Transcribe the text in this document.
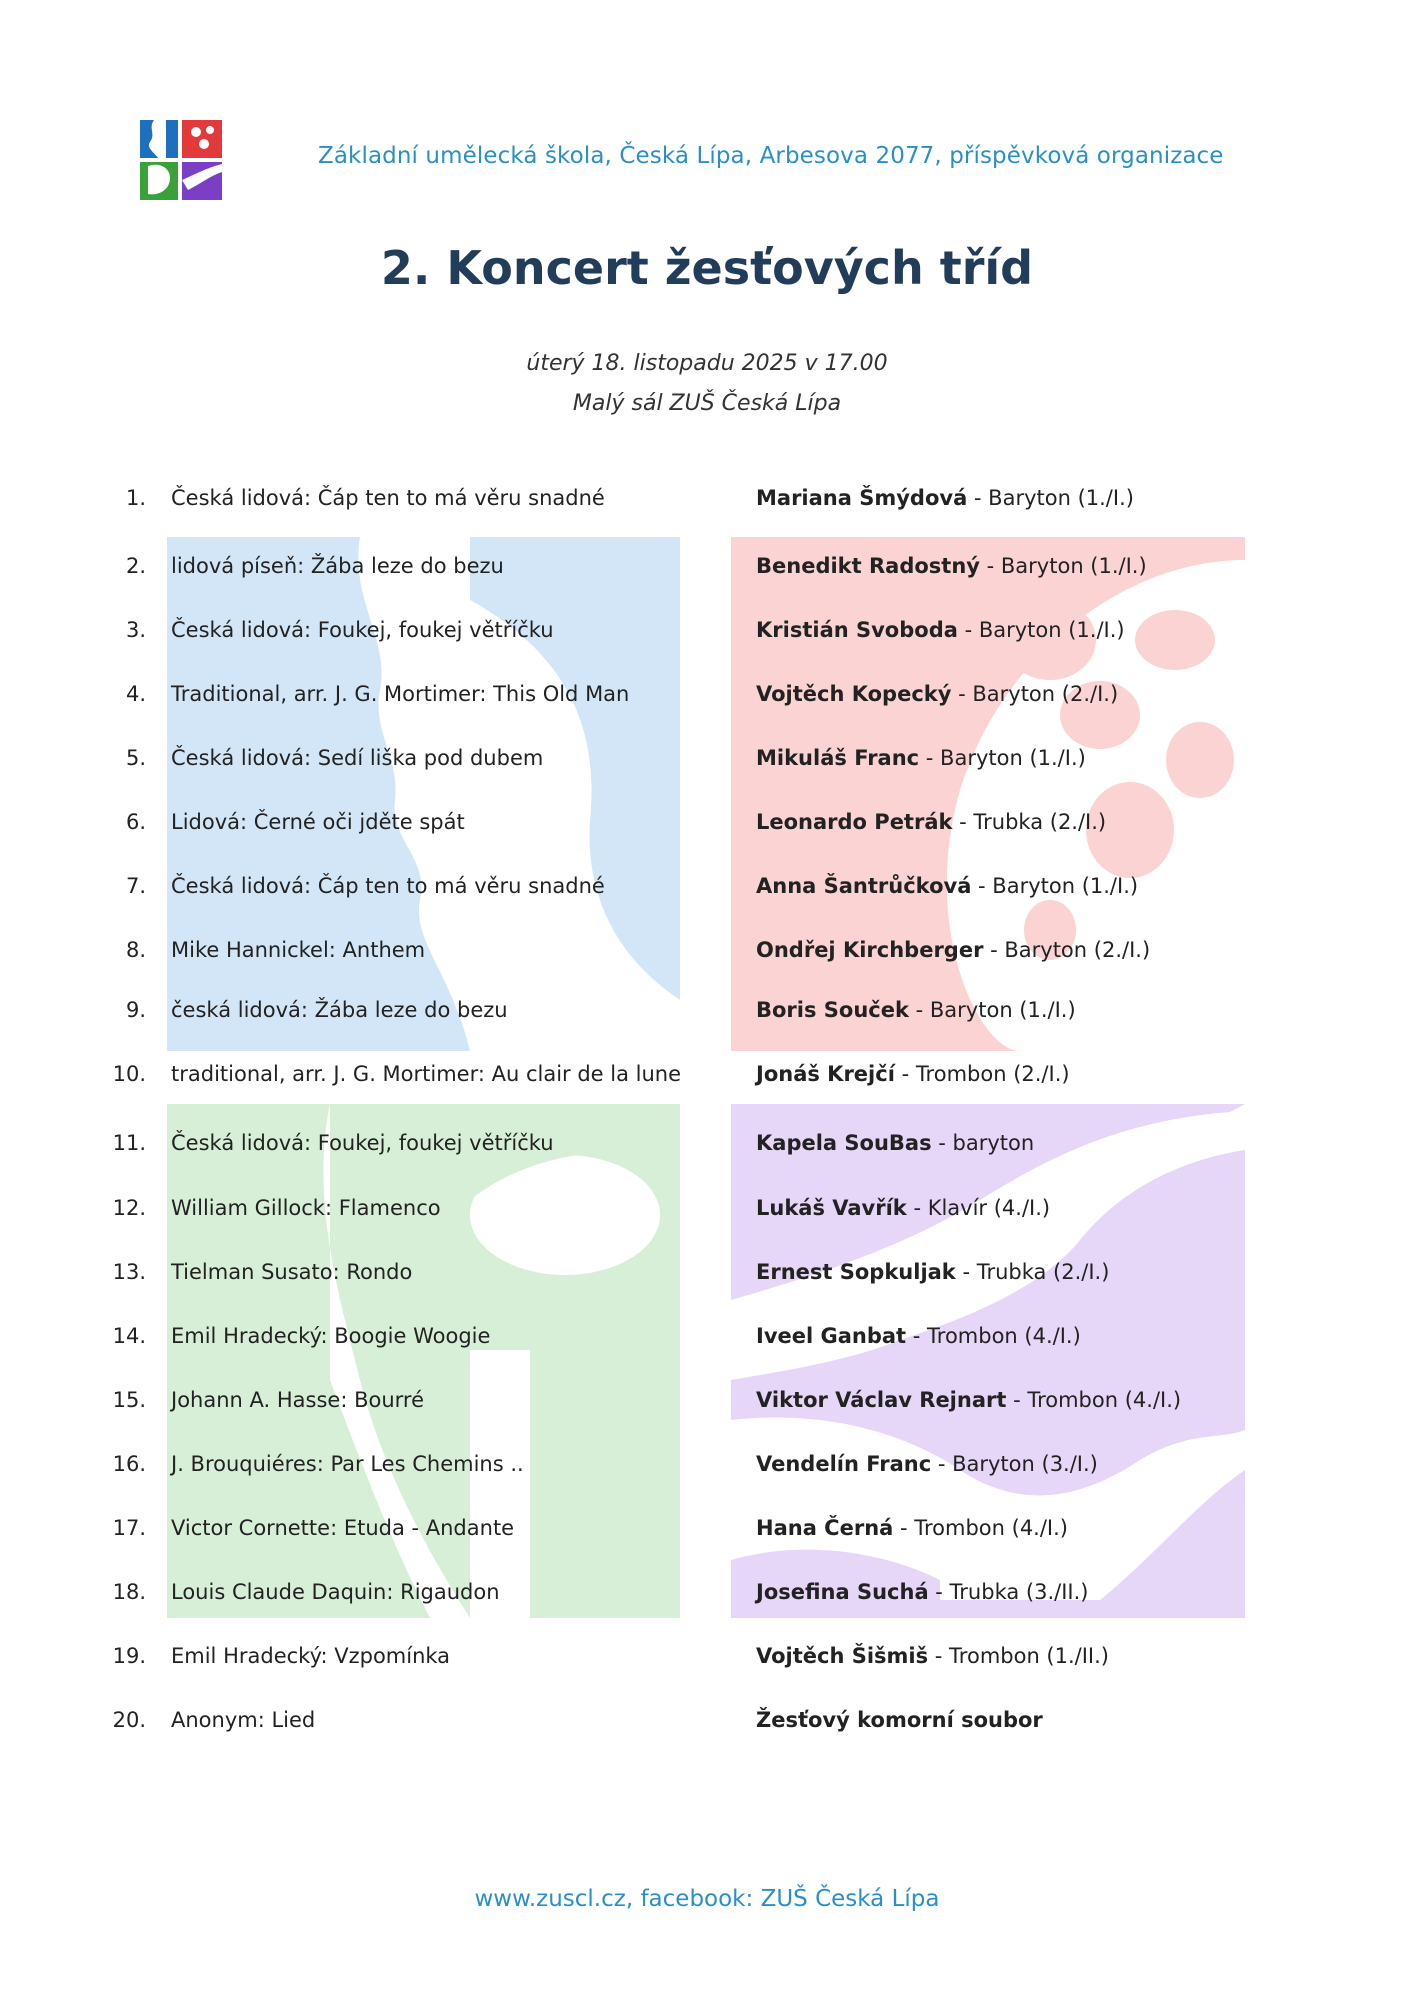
Základní umělecká škola, Česká Lípa, Arbesova 2077, příspěvková organizace
2. Koncert žesťových tříd
úterý 18. listopadu 2025 v 17.00
Malý sál ZUŠ Česká Lípa
1. Česká lidová: Čáp ten to má věru snadné	Mariana Šmýdová - Baryton (1./I.)
2. lidová píseň: Žába leze do bezu	Benedikt Radostný - Baryton (1./I.)
3. Česká lidová: Foukej, foukej větříčku	Kristián Svoboda - Baryton (1./I.)
4. Traditional, arr. J. G. Mortimer: This Old Man	Vojtěch Kopecký - Baryton (2./I.)
5. Česká lidová: Sedí liška pod dubem	Mikuláš Franc - Baryton (1./I.)
6. Lidová: Černé oči jděte spát	Leonardo Petrák - Trubka (2./I.)
7. Česká lidová: Čáp ten to má věru snadné	Anna Šantrůčková - Baryton (1./I.)
8. Mike Hannickel: Anthem	Ondřej Kirchberger - Baryton (2./I.)
9. česká lidová: Žába leze do bezu	Boris Souček - Baryton (1./I.)
10. traditional, arr. J. G. Mortimer: Au clair de la lune	Jonáš Krejčí - Trombon (2./I.)
11. Česká lidová: Foukej, foukej větříčku	Kapela SouBas - baryton
12. William Gillock: Flamenco	Lukáš Vavřík - Klavír (4./I.)
13. Tielman Susato: Rondo	Ernest Sopkuljak - Trubka (2./I.)
14. Emil Hradecký: Boogie Woogie	Iveel Ganbat - Trombon (4./I.)
15. Johann A. Hasse: Bourré	Viktor Václav Rejnart - Trombon (4./I.)
16. J. Brouquiéres: Par Les Chemins ..	Vendelín Franc - Baryton (3./I.)
17. Victor Cornette: Etuda - Andante	Hana Černá - Trombon (4./I.)
18. Louis Claude Daquin: Rigaudon	Josefina Suchá - Trubka (3./II.)
19. Emil Hradecký: Vzpomínka	Vojtěch Šišmiš - Trombon (1./II.)
20. Anonym: Lied	Žesťový komorní soubor
www.zuscl.cz, facebook: ZUŠ Česká Lípa
